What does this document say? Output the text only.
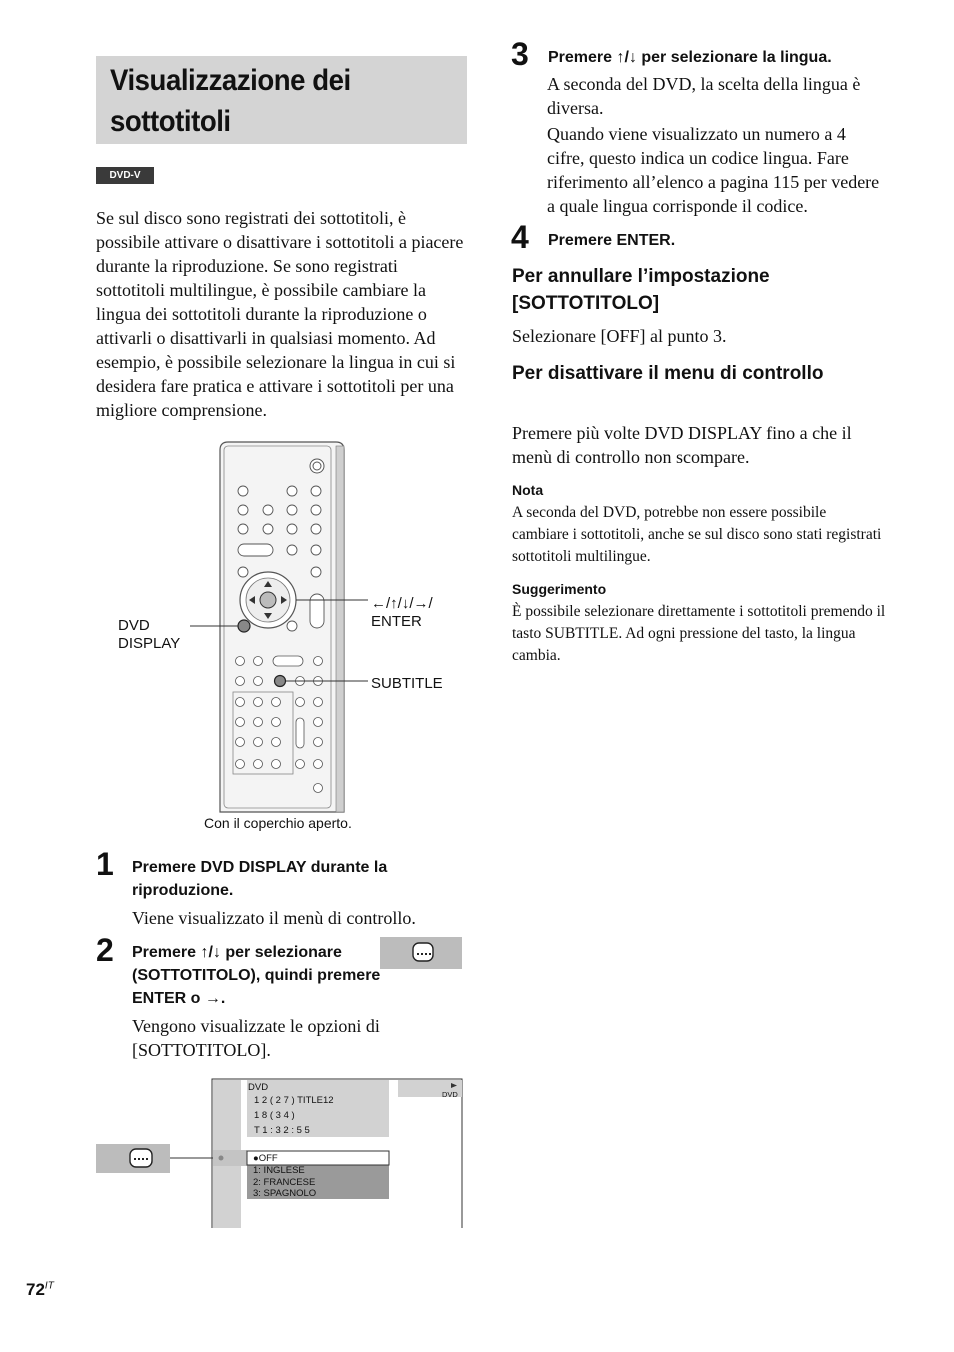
Visualizzazione dei sottotitoli
DVD-V
Se sul disco sono registrati dei sottotitoli, è possibile attivare o disattivare i sottotitoli a piacere durante la riproduzione. Se sono registrati sottotitoli multilingue, è possibile cambiare la lingua dei sottotitoli durante la riproduzione o attivarli o disattivarli in qualsiasi momento. Ad esempio, è possibile selezionare la lingua in cui si desidera fare pratica e attivare i sottotitoli per una migliore comprensione.
DVD DISPLAY
←/↑/↓/→/
ENTER
SUBTITLE
Con il coperchio aperto.
1 Premere DVD DISPLAY durante la riproduzione.
Viene visualizzato il menù di controllo.
2 Premere ↑/↓ per selezionare (SOTTOTITOLO), quindi premere ENTER o →.
Vengono visualizzate le opzioni di [SOTTOTITOLO].
DVD
1 2 ( 2 7 ) TITLE12
1 8 ( 3 4 )
T 1 : 3 2 : 5 5
DVD
●OFF
1: INGLESE
2: FRANCESE
3: SPAGNOLO
3 Premere ↑/↓ per selezionare la lingua.
A seconda del DVD, la scelta della lingua è diversa.
Quando viene visualizzato un numero a 4 cifre, questo indica un codice lingua. Fare riferimento all’elenco a pagina 115 per vedere a quale lingua corrisponde il codice.
4 Premere ENTER.
Per annullare l’impostazione [SOTTOTITOLO]
Selezionare [OFF] al punto 3.
Per disattivare il menu di controllo
Premere più volte DVD DISPLAY fino a che il menù di controllo non scompare.
Nota
A seconda del DVD, potrebbe non essere possibile cambiare i sottotitoli, anche se sul disco sono stati registrati sottotitoli multilingue.
Suggerimento
È possibile selezionare direttamente i sottotitoli premendo il tasto SUBTITLE. Ad ogni pressione del tasto, la lingua cambia.
$72^{IT}$
